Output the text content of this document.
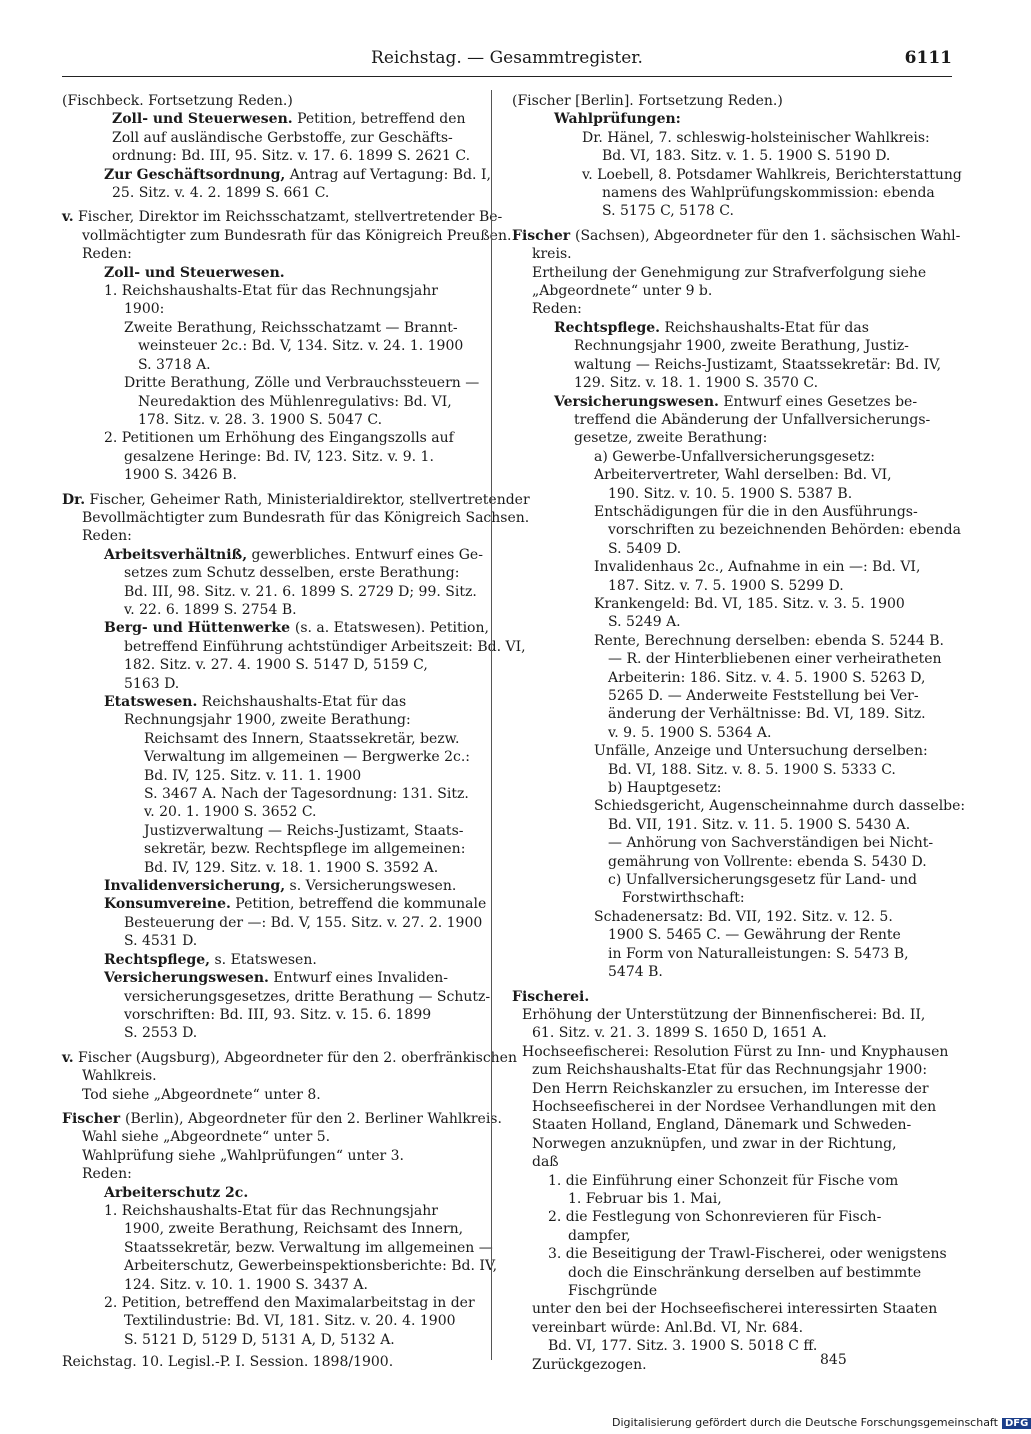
Reichstag. — Gesammtregister.	6111
(Fischbeck. Fortsetzung Reden.)
Zoll- und Steuerwesen. Petition, betreffend den
Zoll auf ausländische Gerbstoffe, zur Geschäfts-
ordnung: Bd. III, 95. Sitz. v. 17. 6. 1899 S. 2621 C.
Zur Geschäftsordnung, Antrag auf Vertagung: Bd. I,
25. Sitz. v. 4. 2. 1899 S. 661 C.
v. Fischer, Direktor im Reichsschatzamt, stellvertretender Be-
vollmächtigter zum Bundesrath für das Königreich Preußen.
Reden:
Zoll- und Steuerwesen.
1. Reichshaushalts-Etat für das Rechnungsjahr
1900:
Zweite Berathung, Reichsschatzamt — Brannt-
weinsteuer 2c.: Bd. V, 134. Sitz. v. 24. 1. 1900
S. 3718 A.
Dritte Berathung, Zölle und Verbrauchssteuern —
Neuredaktion des Mühlenregulativs: Bd. VI,
178. Sitz. v. 28. 3. 1900 S. 5047 C.
2. Petitionen um Erhöhung des Eingangszolls auf
gesalzene Heringe: Bd. IV, 123. Sitz. v. 9. 1.
1900 S. 3426 B.
Dr. Fischer, Geheimer Rath, Ministerialdirektor, stellvertretender
Bevollmächtigter zum Bundesrath für das Königreich Sachsen.
Reden:
Arbeitsverhältniß, gewerbliches. Entwurf eines Ge-
setzes zum Schutz desselben, erste Berathung:
Bd. III, 98. Sitz. v. 21. 6. 1899 S. 2729 D; 99. Sitz.
v. 22. 6. 1899 S. 2754 B.
Berg- und Hüttenwerke (s. a. Etatswesen). Petition,
betreffend Einführung achtstündiger Arbeitszeit: Bd. VI,
182. Sitz. v. 27. 4. 1900 S. 5147 D, 5159 C,
5163 D.
Etatswesen. Reichshaushalts-Etat für das
Rechnungsjahr 1900, zweite Berathung:
Reichsamt des Innern, Staatssekretär, bezw.
Verwaltung im allgemeinen — Bergwerke 2c.:
Bd. IV, 125. Sitz. v. 11. 1. 1900
S. 3467 A. Nach der Tagesordnung: 131. Sitz.
v. 20. 1. 1900 S. 3652 C.
Justizverwaltung — Reichs-Justizamt, Staats-
sekretär, bezw. Rechtspflege im allgemeinen:
Bd. IV, 129. Sitz. v. 18. 1. 1900 S. 3592 A.
Invalidenversicherung, s. Versicherungswesen.
Konsumvereine. Petition, betreffend die kommunale
Besteuerung der —: Bd. V, 155. Sitz. v. 27. 2. 1900
S. 4531 D.
Rechtspflege, s. Etatswesen.
Versicherungswesen. Entwurf eines Invaliden-
versicherungsgesetzes, dritte Berathung — Schutz-
vorschriften: Bd. III, 93. Sitz. v. 15. 6. 1899
S. 2553 D.
v. Fischer (Augsburg), Abgeordneter für den 2. oberfränkischen
Wahlkreis.
Tod siehe „Abgeordnete“ unter 8.
Fischer (Berlin), Abgeordneter für den 2. Berliner Wahlkreis.
Wahl siehe „Abgeordnete“ unter 5.
Wahlprüfung siehe „Wahlprüfungen“ unter 3.
Reden:
Arbeiterschutz 2c.
1. Reichshaushalts-Etat für das Rechnungsjahr
1900, zweite Berathung, Reichsamt des Innern,
Staatssekretär, bezw. Verwaltung im allgemeinen —
Arbeiterschutz, Gewerbeinspektionsberichte: Bd. IV,
124. Sitz. v. 10. 1. 1900 S. 3437 A.
2. Petition, betreffend den Maximalarbeitstag in der
Textilindustrie: Bd. VI, 181. Sitz. v. 20. 4. 1900
S. 5121 D, 5129 D, 5131 A, D, 5132 A.
(Fischer [Berlin]. Fortsetzung Reden.)
Wahlprüfungen:
Dr. Hänel, 7. schleswig-holsteinischer Wahlkreis:
Bd. VI, 183. Sitz. v. 1. 5. 1900 S. 5190 D.
v. Loebell, 8. Potsdamer Wahlkreis, Berichterstattung
namens des Wahlprüfungskommission: ebenda
S. 5175 C, 5178 C.
Fischer (Sachsen), Abgeordneter für den 1. sächsischen Wahl-
kreis.
Ertheilung der Genehmigung zur Strafverfolgung siehe
„Abgeordnete“ unter 9 b.
Reden:
Rechtspflege. Reichshaushalts-Etat für das
Rechnungsjahr 1900, zweite Berathung, Justiz-
waltung — Reichs-Justizamt, Staatssekretär: Bd. IV,
129. Sitz. v. 18. 1. 1900 S. 3570 C.
Versicherungswesen. Entwurf eines Gesetzes be-
treffend die Abänderung der Unfallversicherungs-
gesetze, zweite Berathung:
a) Gewerbe-Unfallversicherungsgesetz:
Arbeitervertreter, Wahl derselben: Bd. VI,
190. Sitz. v. 10. 5. 1900 S. 5387 B.
Entschädigungen für die in den Ausführungs-
vorschriften zu bezeichnenden Behörden: ebenda
S. 5409 D.
Invalidenhaus 2c., Aufnahme in ein —: Bd. VI,
187. Sitz. v. 7. 5. 1900 S. 5299 D.
Krankengeld: Bd. VI, 185. Sitz. v. 3. 5. 1900
S. 5249 A.
Rente, Berechnung derselben: ebenda S. 5244 B.
— R. der Hinterbliebenen einer verheiratheten
Arbeiterin: 186. Sitz. v. 4. 5. 1900 S. 5263 D,
5265 D. — Anderweite Feststellung bei Ver-
änderung der Verhältnisse: Bd. VI, 189. Sitz.
v. 9. 5. 1900 S. 5364 A.
Unfälle, Anzeige und Untersuchung derselben:
Bd. VI, 188. Sitz. v. 8. 5. 1900 S. 5333 C.
b) Hauptgesetz:
Schiedsgericht, Augenscheinnahme durch dasselbe:
Bd. VII, 191. Sitz. v. 11. 5. 1900 S. 5430 A.
— Anhörung von Sachverständigen bei Nicht-
gemährung von Vollrente: ebenda S. 5430 D.
c) Unfallversicherungsgesetz für Land- und
Forstwirthschaft:
Schadenersatz: Bd. VII, 192. Sitz. v. 12. 5.
1900 S. 5465 C. — Gewährung der Rente
in Form von Naturalleistungen: S. 5473 B,
5474 B.
Fischerei.
Erhöhung der Unterstützung der Binnenfischerei: Bd. II,
61. Sitz. v. 21. 3. 1899 S. 1650 D, 1651 A.
Hochseefischerei: Resolution Fürst zu Inn- und Knyphausen
zum Reichshaushalts-Etat für das Rechnungsjahr 1900:
Den Herrn Reichskanzler zu ersuchen, im Interesse der
Hochseefischerei in der Nordsee Verhandlungen mit den
Staaten Holland, England, Dänemark und Schweden-
Norwegen anzuknüpfen, und zwar in der Richtung,
daß
1. die Einführung einer Schonzeit für Fische vom
1. Februar bis 1. Mai,
2. die Festlegung von Schonrevieren für Fisch-
dampfer,
3. die Beseitigung der Trawl-Fischerei, oder wenigstens
doch die Einschränkung derselben auf bestimmte
Fischgründe
unter den bei der Hochseefischerei interessirten Staaten
vereinbart würde: Anl.Bd. VI, Nr. 684.
Bd. VI, 177. Sitz. 3. 1900 S. 5018 C ff.
Zurückgezogen.
Reichstag. 10. Legisl.-P. I. Session. 1898/1900.	845
Digitalisierung gefördert durch die Deutsche Forschungsgemeinschaft DFG
